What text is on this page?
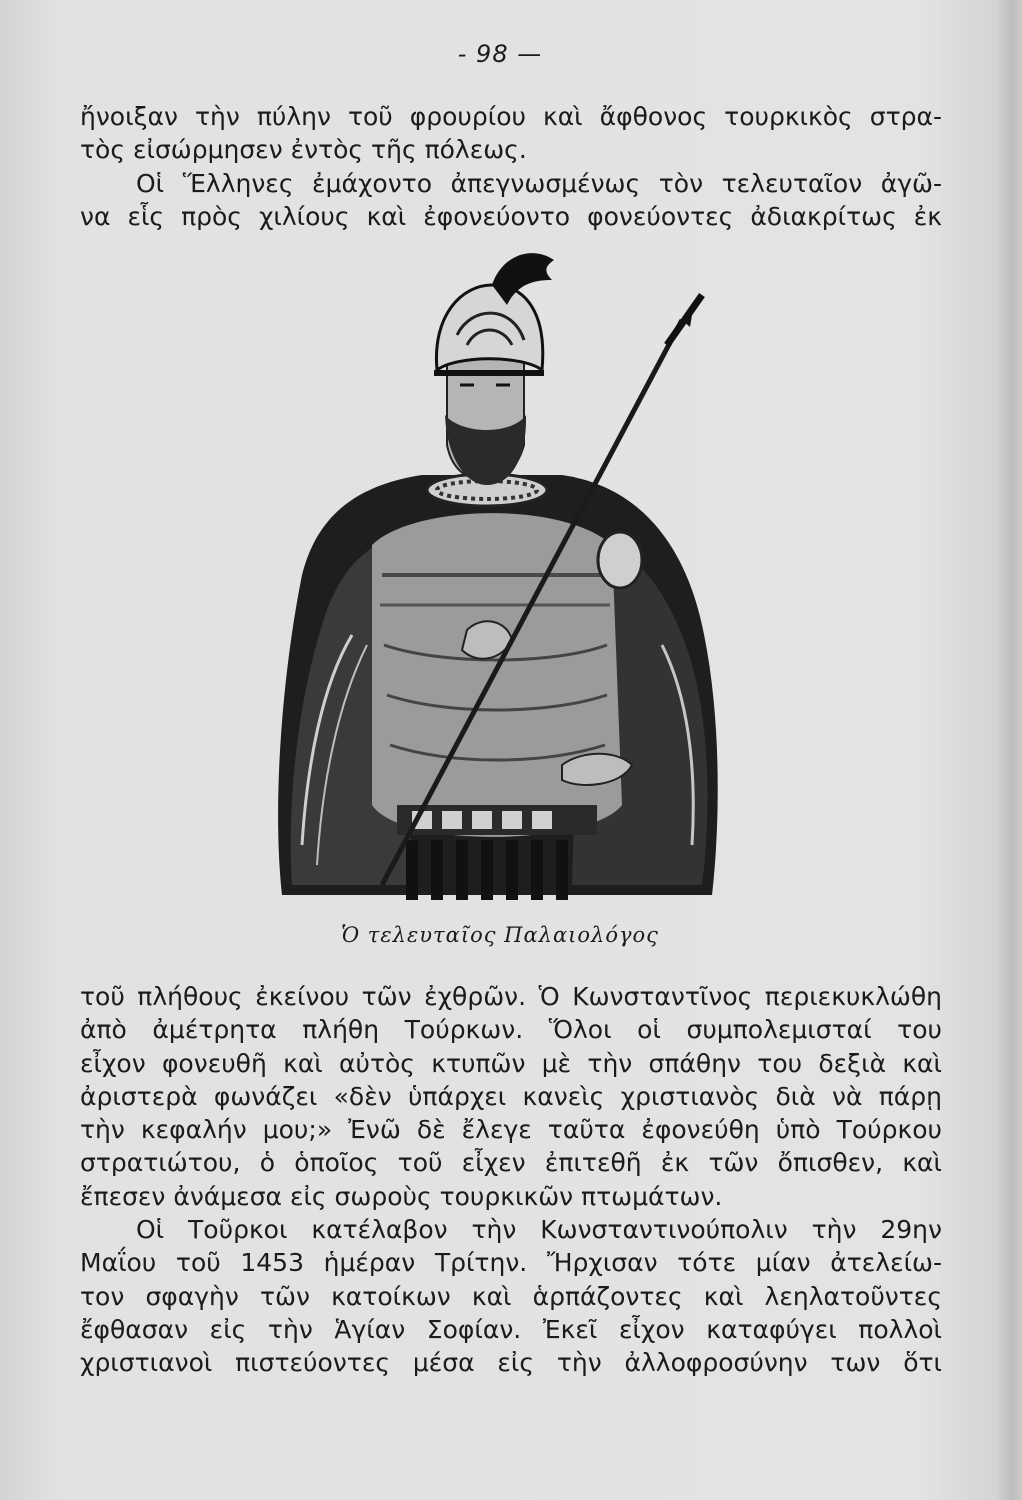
- 98 —
ἤνοιξαν τὴν πύλην τοῦ φρουρίου καὶ ἄφθονος τουρκικὸς στρα-
τὸς εἰσώρμησεν ἐντὸς τῆς πόλεως.
Οἱ Ἕλληνες ἐμάχοντο ἀπεγνωσμένως τὸν τελευταῖον ἀγῶ-
να εἷς πρὸς χιλίους καὶ ἐφονεύοντο φονεύοντες ἀδιακρίτως ἐκ
Ὁ τελευταῖος Παλαιολόγος
τοῦ πλήθους ἐκείνου τῶν ἐχθρῶν. Ὁ Κωνσταντῖνος περιεκυκλώθη
ἀπὸ ἀμέτρητα πλήθη Τούρκων. Ὅλοι οἱ συμπολεμισταί του
εἶχον φονευθῆ καὶ αὐτὸς κτυπῶν μὲ τὴν σπάθην του δεξιὰ καὶ
ἀριστερὰ φωνάζει «δὲν ὑπάρχει κανεὶς χριστιανὸς διὰ νὰ πάρῃ
τὴν κεφαλήν μου;» Ἐνῶ δὲ ἔλεγε ταῦτα ἐφονεύθη ὑπὸ Τούρκου
στρατιώτου, ὁ ὁποῖος τοῦ εἶχεν ἐπιτεθῆ ἐκ τῶν ὄπισθεν, καὶ
ἔπεσεν ἀνάμεσα εἰς σωροὺς τουρκικῶν πτωμάτων.
Οἱ Τοῦρκοι κατέλαβον τὴν Κωνσταντινούπολιν τὴν 29ην
Μαΐου τοῦ 1453 ἡμέραν Τρίτην. Ἤρχισαν τότε μίαν ἀτελείω-
τον σφαγὴν τῶν κατοίκων καὶ ἁρπάζοντες καὶ λεηλατοῦντες
ἔφθασαν εἰς τὴν Ἁγίαν Σοφίαν. Ἐκεῖ εἶχον καταφύγει πολλοὶ
χριστιανοὶ πιστεύοντες μέσα εἰς τὴν ἀλλοφροσύνην των ὅτι
